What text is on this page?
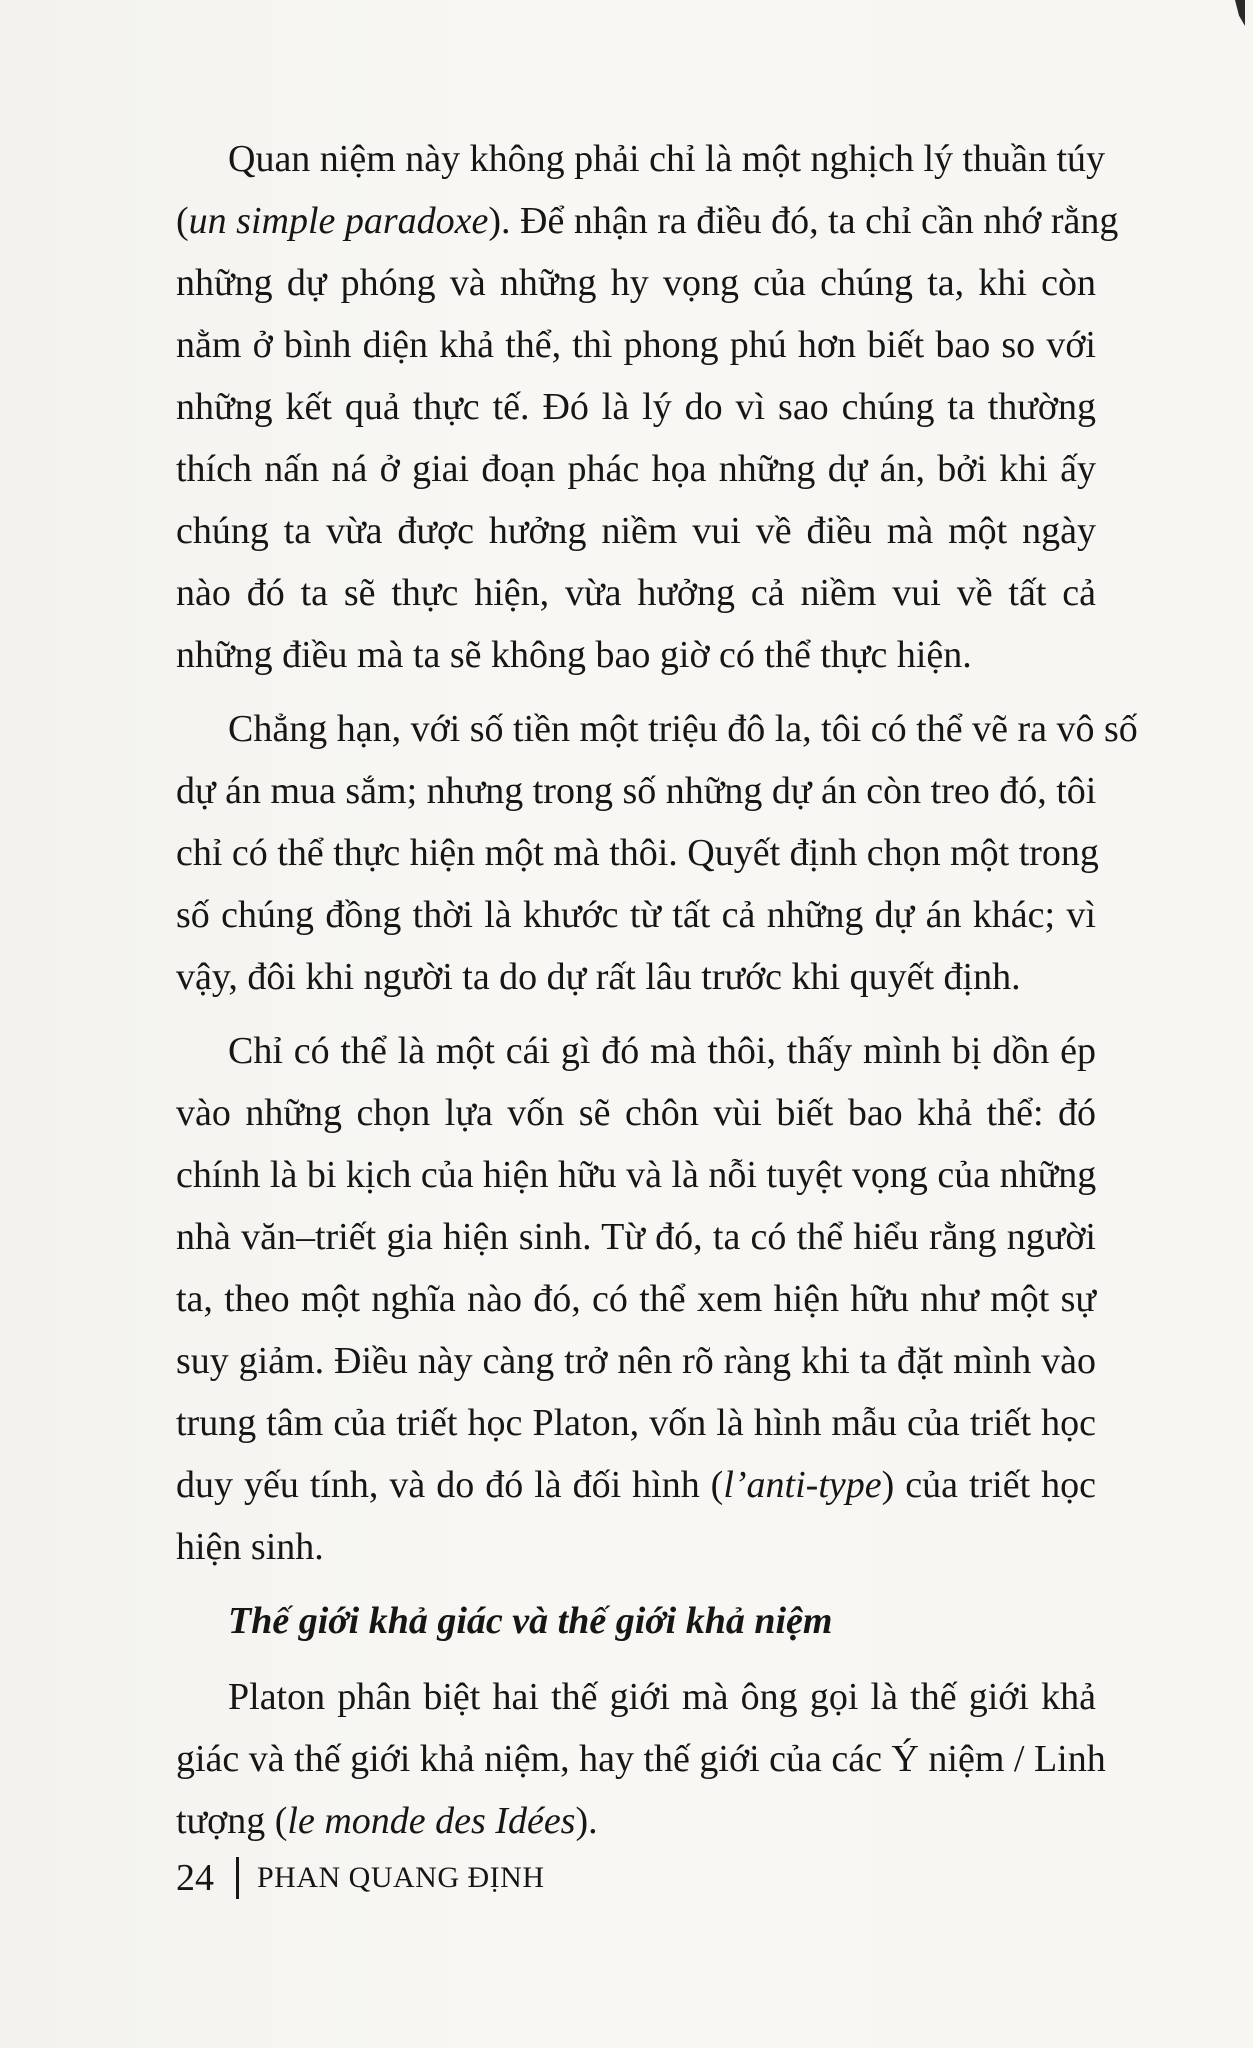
Quan niệm này không phải chỉ là một nghịch lý thuần túy
(un simple paradoxe). Để nhận ra điều đó, ta chỉ cần nhớ rằng
những dự phóng và những hy vọng của chúng ta, khi còn
nằm ở bình diện khả thể, thì phong phú hơn biết bao so với
những kết quả thực tế. Đó là lý do vì sao chúng ta thường
thích nấn ná ở giai đoạn phác họa những dự án, bởi khi ấy
chúng ta vừa được hưởng niềm vui về điều mà một ngày
nào đó ta sẽ thực hiện, vừa hưởng cả niềm vui về tất cả
những điều mà ta sẽ không bao giờ có thể thực hiện.
Chẳng hạn, với số tiền một triệu đô la, tôi có thể vẽ ra vô số
dự án mua sắm; nhưng trong số những dự án còn treo đó, tôi
chỉ có thể thực hiện một mà thôi. Quyết định chọn một trong
số chúng đồng thời là khước từ tất cả những dự án khác; vì
vậy, đôi khi người ta do dự rất lâu trước khi quyết định.
Chỉ có thể là một cái gì đó mà thôi, thấy mình bị dồn ép
vào những chọn lựa vốn sẽ chôn vùi biết bao khả thể: đó
chính là bi kịch của hiện hữu và là nỗi tuyệt vọng của những
nhà văn–triết gia hiện sinh. Từ đó, ta có thể hiểu rằng người
ta, theo một nghĩa nào đó, có thể xem hiện hữu như một sự
suy giảm. Điều này càng trở nên rõ ràng khi ta đặt mình vào
trung tâm của triết học Platon, vốn là hình mẫu của triết học
duy yếu tính, và do đó là đối hình (l’anti-type) của triết học
hiện sinh.
Thế giới khả giác và thế giới khả niệm
Platon phân biệt hai thế giới mà ông gọi là thế giới khả
giác và thế giới khả niệm, hay thế giới của các Ý niệm / Linh
tượng (le monde des Idées).
24 PHAN QUANG ĐỊNH
